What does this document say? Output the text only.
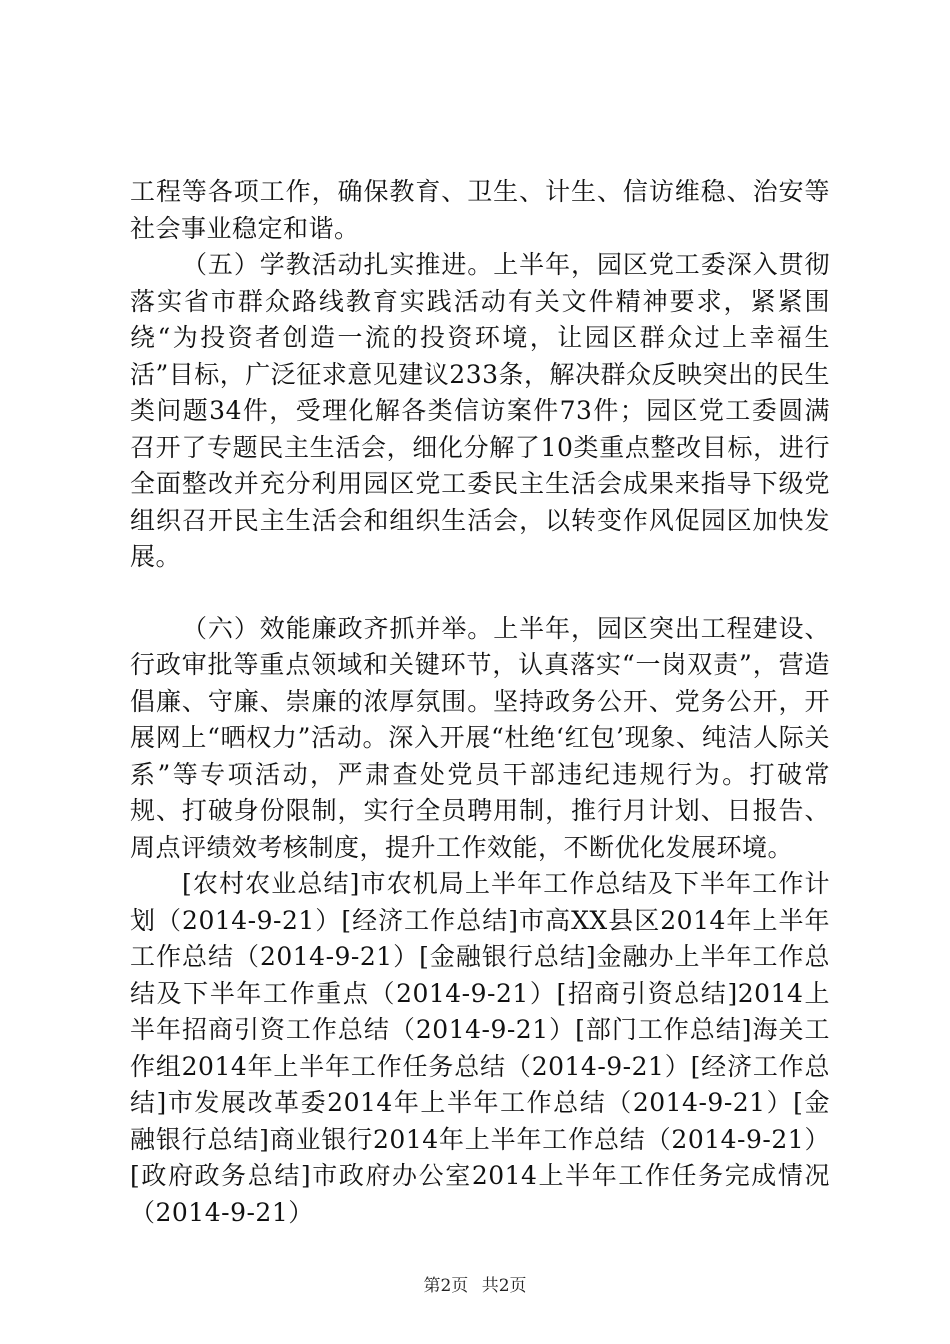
工程等各项工作，确保教育、卫生、计生、信访维稳、治安等社会事业稳定和谐。

（五）学教活动扎实推进。上半年，园区党工委深入贯彻落实省市群众路线教育实践活动有关文件精神要求，紧紧围绕“为投资者创造一流的投资环境，让园区群众过上幸福生活”目标，广泛征求意见建议233条，解决群众反映突出的民生类问题34件，受理化解各类信访案件73件；园区党工委圆满召开了专题民主生活会，细化分解了10类重点整改目标，进行全面整改并充分利用园区党工委民主生活会成果来指导下级党组织召开民主生活会和组织生活会，以转变作风促园区加快发展。

（六）效能廉政齐抓并举。上半年，园区突出工程建设、行政审批等重点领域和关键环节，认真落实“一岗双责”，营造倡廉、守廉、崇廉的浓厚氛围。坚持政务公开、党务公开，开展网上“晒权力”活动。深入开展“杜绝‘红包’现象、纯洁人际关系”等专项活动，严肃查处党员干部违纪违规行为。打破常规、打破身份限制，实行全员聘用制，推行月计划、日报告、周点评绩效考核制度，提升工作效能，不断优化发展环境。

[农村农业总结]市农机局上半年工作总结及下半年工作计划（2014-9-21）[经济工作总结]市高XX县区2014年上半年工作总结（2014-9-21）[金融银行总结]金融办上半年工作总结及下半年工作重点（2014-9-21）[招商引资总结]2014上半年招商引资工作总结（2014-9-21）[部门工作总结]海关工作组2014年上半年工作任务总结（2014-9-21）[经济工作总结]市发展改革委2014年上半年工作总结（2014-9-21）[金融银行总结]商业银行2014年上半年工作总结（2014-9-21）[政府政务总结]市政府办公室2014上半年工作任务完成情况（2014-9-21）

第2页 共2页
